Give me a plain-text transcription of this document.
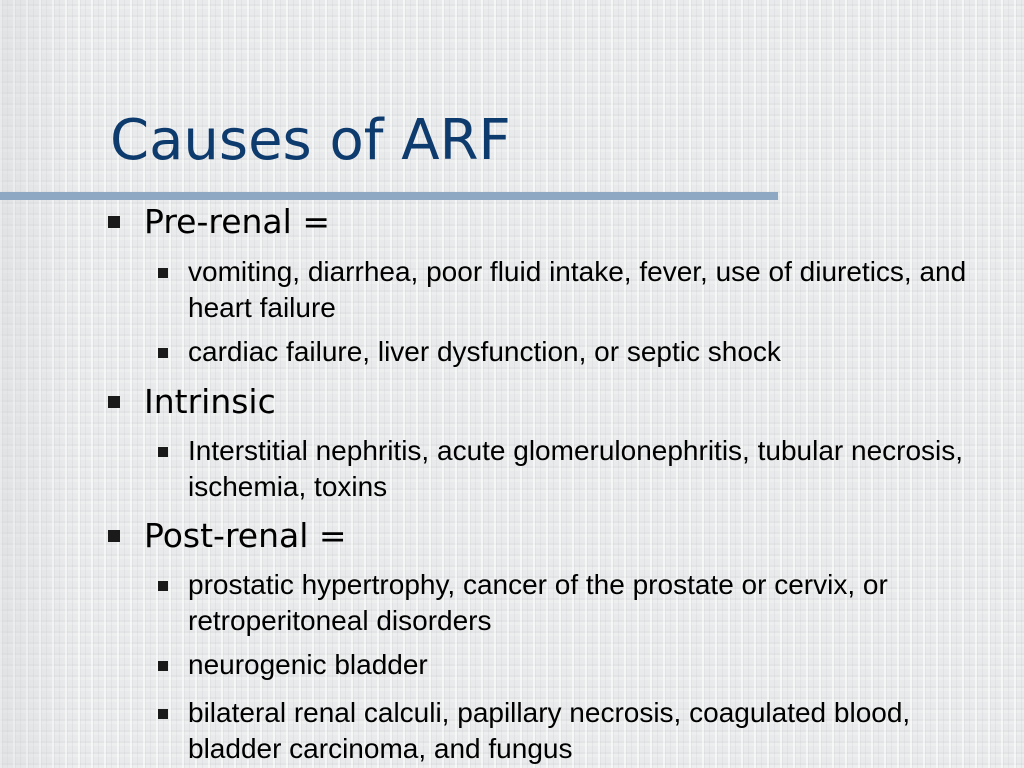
Causes of ARF
Pre-renal =
vomiting, diarrhea, poor fluid intake, fever, use of diuretics, and heart failure
cardiac failure, liver dysfunction, or septic shock
Intrinsic
Interstitial nephritis, acute glomerulonephritis, tubular necrosis, ischemia, toxins
Post-renal =
prostatic hypertrophy, cancer of the prostate or cervix, or retroperitoneal disorders
neurogenic bladder
bilateral renal calculi, papillary necrosis, coagulated blood, bladder carcinoma, and fungus
